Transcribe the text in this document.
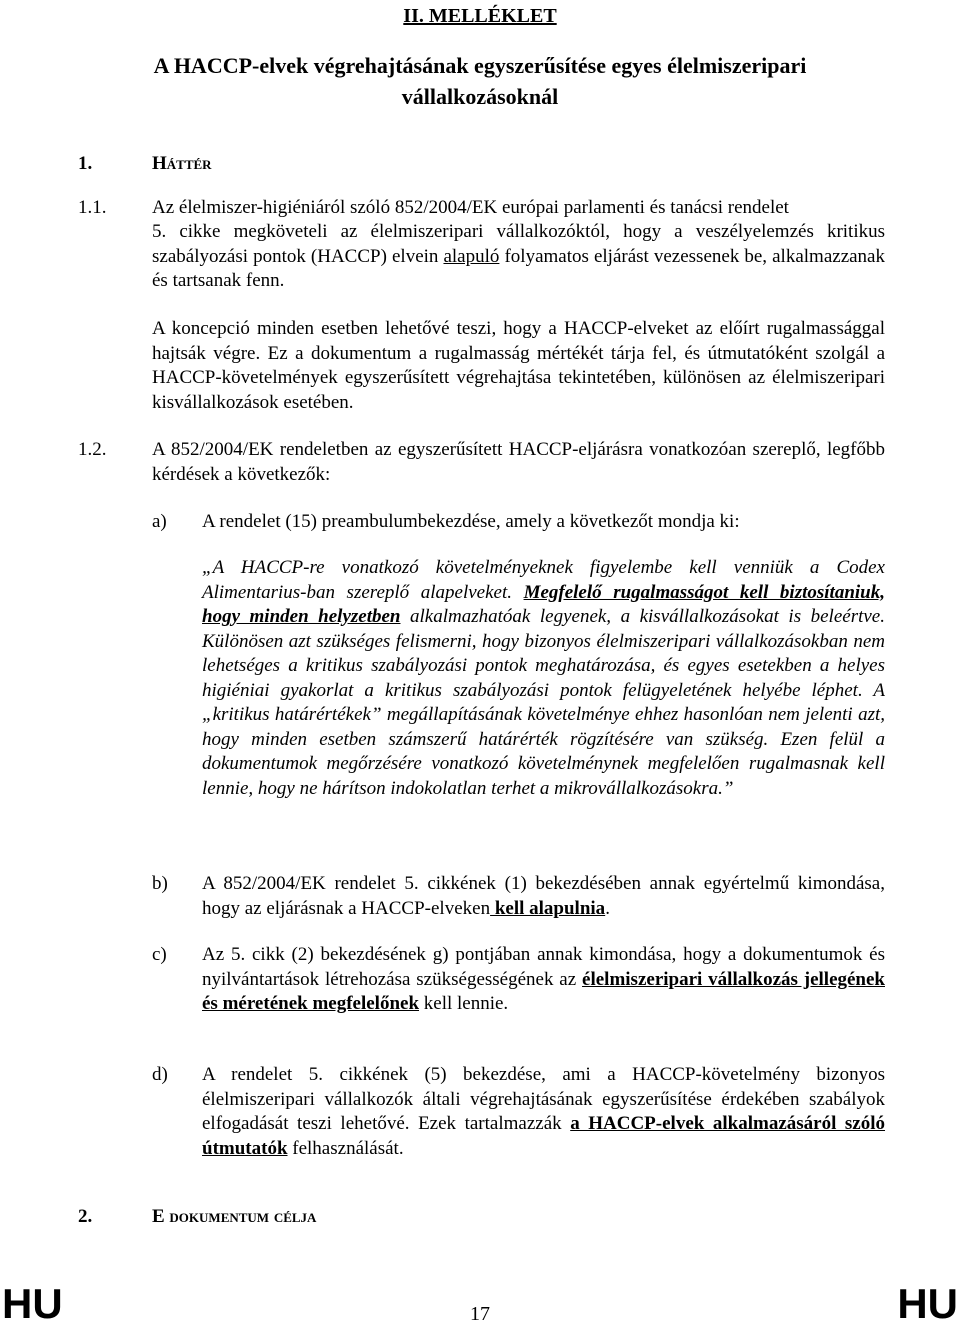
II. MELLÉKLET
A HACCP-elvek végrehajtásának egyszerűsítése egyes élelmiszeripari vállalkozásoknál
1.	Háttér
1.1. Az élelmiszer-higiéniáról szóló 852/2004/EK európai parlamenti és tanácsi rendelet
5. cikke megköveteli az élelmiszeripari vállalkozóktól, hogy a veszélyelemzés kritikus szabályozási pontok (HACCP) elvein alapuló folyamatos eljárást vezessenek be, alkalmazzanak és tartsanak fenn.
A koncepció minden esetben lehetővé teszi, hogy a HACCP-elveket az előírt rugalmassággal hajtsák végre. Ez a dokumentum a rugalmasság mértékét tárja fel, és útmutatóként szolgál a HACCP-követelmények egyszerűsített végrehajtása tekintetében, különösen az élelmiszeripari kisvállalkozások esetében.
1.2. A 852/2004/EK rendeletben az egyszerűsített HACCP-eljárásra vonatkozóan szereplő, legfőbb kérdések a következők:
a) A rendelet (15) preambulumbekezdése, amely a következőt mondja ki:
„A HACCP-re vonatkozó követelményeknek figyelembe kell venniük a Codex Alimentarius-ban szereplő alapelveket. Megfelelő rugalmasságot kell biztosítaniuk, hogy minden helyzetben alkalmazhatóak legyenek, a kisvállalkozásokat is beleértve. Különösen azt szükséges felismerni, hogy bizonyos élelmiszeripari vállalkozásokban nem lehetséges a kritikus szabályozási pontok meghatározása, és egyes esetekben a helyes higiéniai gyakorlat a kritikus szabályozási pontok felügyeletének helyébe léphet. A „kritikus határértékek” megállapításának követelménye ehhez hasonlóan nem jelenti azt, hogy minden esetben számszerű határérték rögzítésére van szükség. Ezen felül a dokumentumok megőrzésére vonatkozó követelménynek megfelelően rugalmasnak kell lennie, hogy ne hárítson indokolatlan terhet a mikrovállalkozásokra.”
b) A 852/2004/EK rendelet 5. cikkének (1) bekezdésében annak egyértelmű kimondása, hogy az eljárásnak a HACCP-elveken kell alapulnia.
c) Az 5. cikk (2) bekezdésének g) pontjában annak kimondása, hogy a dokumentumok és nyilvántartások létrehozása szükségességének az élelmiszeripari vállalkozás jellegének és méretének megfelelőnek kell lennie.
d) A rendelet 5. cikkének (5) bekezdése, ami a HACCP-követelmény bizonyos élelmiszeripari vállalkozók általi végrehajtásának egyszerűsítése érdekében szabályok elfogadását teszi lehetővé. Ezek tartalmazzák a HACCP-elvek alkalmazásáról szóló útmutatók felhasználását.
2.	E dokumentum célja
HU	17	HU
